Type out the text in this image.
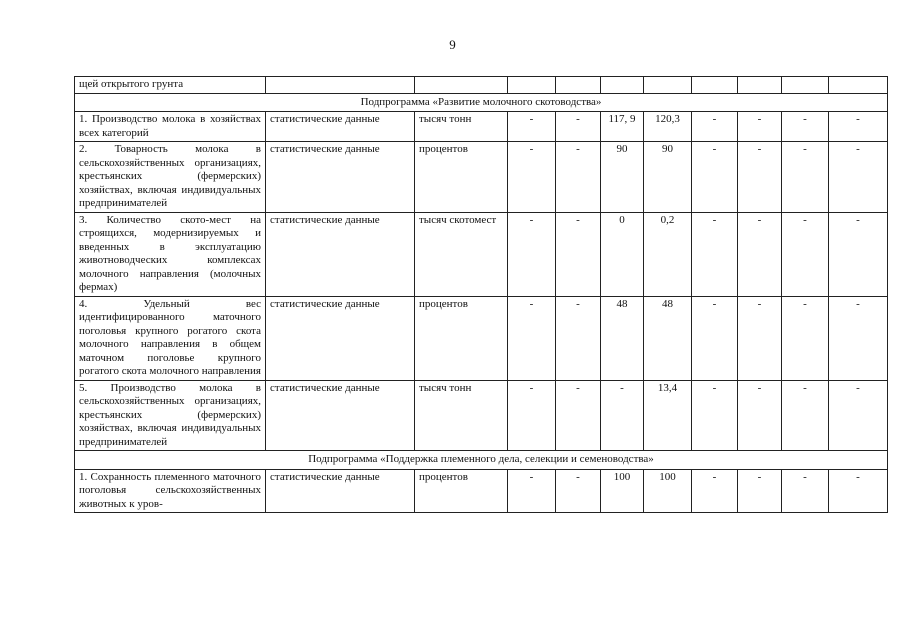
9
щей открытого грунта										
Подпрограмма «Развитие молочного скотоводства»										
1. Производство молока в хозяйствах всех категорий	статистические данные	тысяч тонн	-	-	117, 9	120,3	-	-	-	-
2. Товарность молока в сельскохозяйственных организациях, крестьянских (фермерских) хозяйствах, включая индивидуальных предпринимателей	статистические данные	процентов	-	-	90	90	-	-	-	-
3. Количество ското-мест на строящихся, модернизируемых и введенных в эксплуатацию животноводческих комплексах молочного направления (молочных фермах)	статистические данные	тысяч скотомест	-	-	0	0,2	-	-	-	-
4. Удельный вес идентифицированного маточного поголовья крупного рогатого скота молочного направления в общем маточном поголовье крупного рогатого скота молочного направления	статистические данные	процентов	-	-	48	48	-	-	-	-
5. Производство молока в сельскохозяйственных организациях, крестьянских (фермерских) хозяйствах, включая индивидуальных предпринимателей	статистические данные	тысяч тонн	-	-	-	13,4	-	-	-	-
Подпрограмма «Поддержка племенного дела, селекции и семеноводства»										
1. Сохранность племенного маточного поголовья сельскохозяйственных животных к уров-	статистические данные	процентов	-	-	100	100	-	-	-	-
